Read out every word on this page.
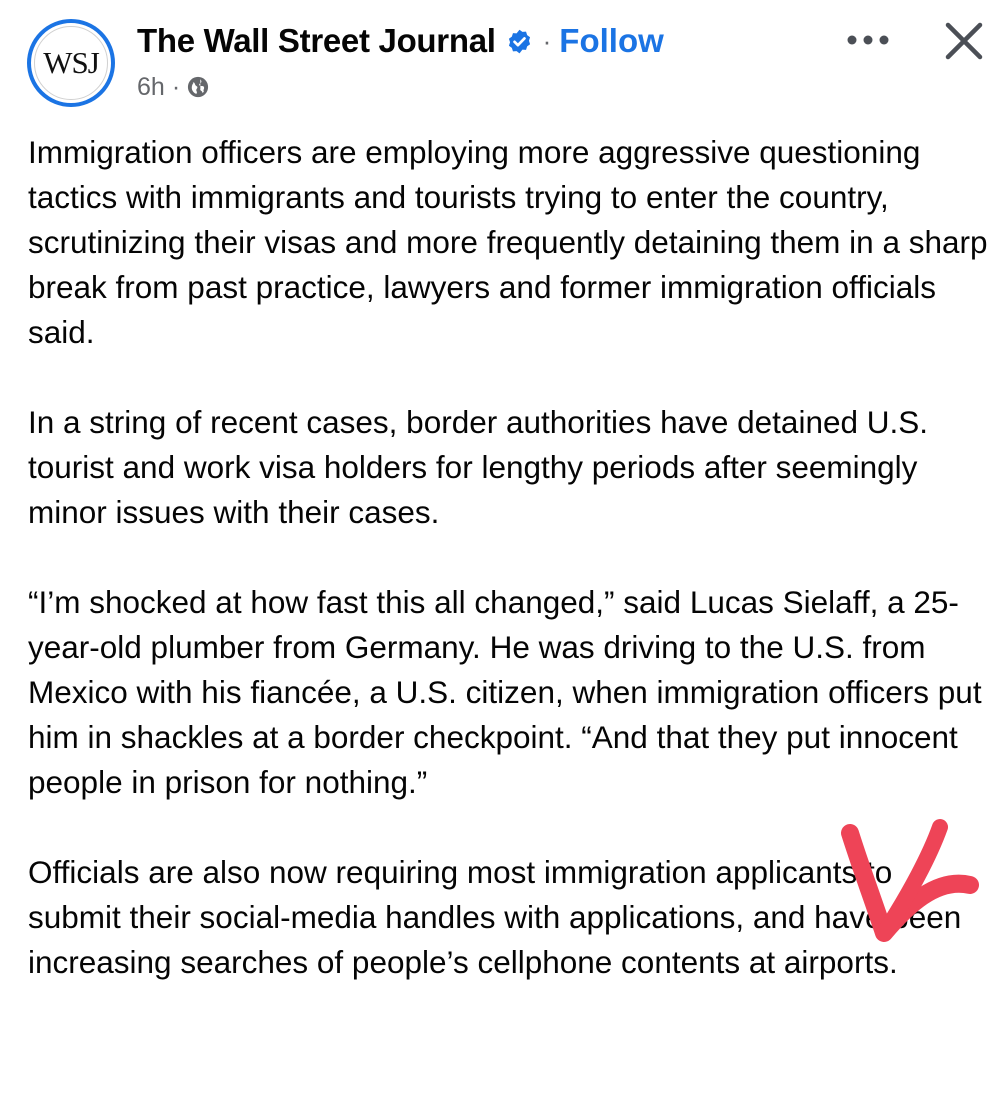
WSJ
The Wall Street Journal · Follow
6h ·

Immigration officers are employing more aggressive questioning tactics with immigrants and tourists trying to enter the country, scrutinizing their visas and more frequently detaining them in a sharp break from past practice, lawyers and former immigration officials said.

In a string of recent cases, border authorities have detained U.S. tourist and work visa holders for lengthy periods after seemingly minor issues with their cases.

“I’m shocked at how fast this all changed,” said Lucas Sielaff, a 25-year-old plumber from Germany. He was driving to the U.S. from Mexico with his fiancée, a U.S. citizen, when immigration officers put him in shackles at a border checkpoint. “And that they put innocent people in prison for nothing.”

Officials are also now requiring most immigration applicants to submit their social-media handles with applications, and have been increasing searches of people’s cellphone contents at airports.
